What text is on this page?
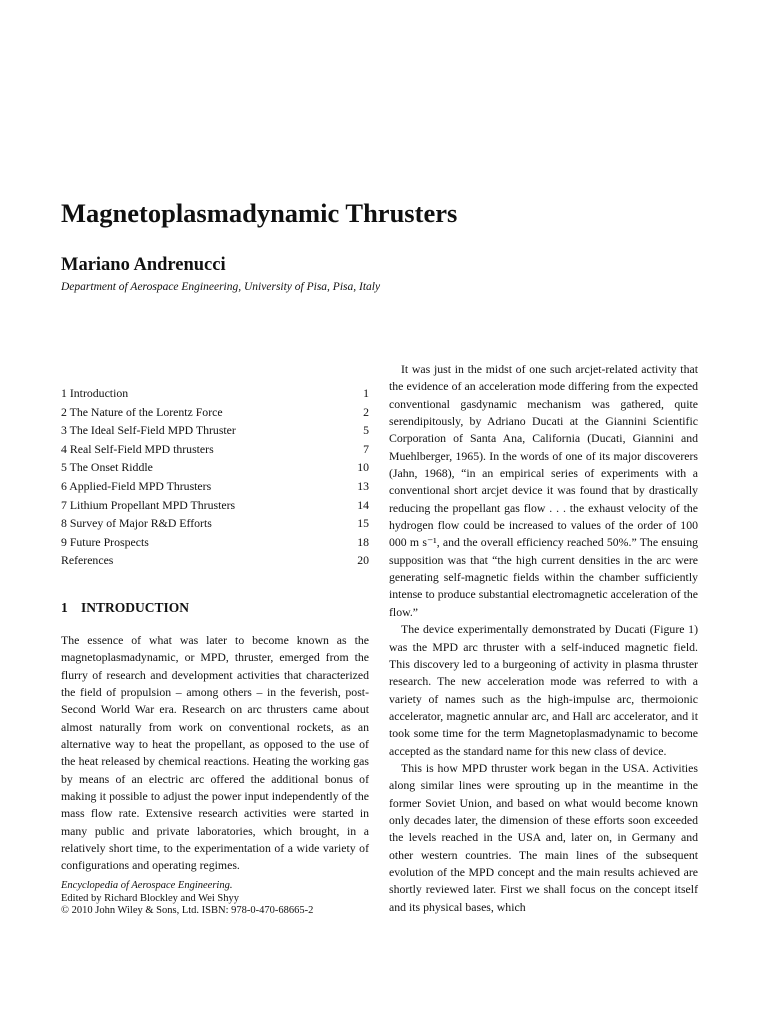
Magnetoplasmadynamic Thrusters
Mariano Andrenucci
Department of Aerospace Engineering, University of Pisa, Pisa, Italy
1 Introduction	1
2 The Nature of the Lorentz Force	2
3 The Ideal Self-Field MPD Thruster	5
4 Real Self-Field MPD thrusters	7
5 The Onset Riddle	10
6 Applied-Field MPD Thrusters	13
7 Lithium Propellant MPD Thrusters	14
8 Survey of Major R&D Efforts	15
9 Future Prospects	18
References	20
1 INTRODUCTION

The essence of what was later to become known as the magnetoplasmadynamic, or MPD, thruster, emerged from the flurry of research and development activities that characterized the field of propulsion – among others – in the feverish, post-Second World War era. Research on arc thrusters came about almost naturally from work on conventional rockets, as an alternative way to heat the propellant, as opposed to the use of the heat released by chemical reactions. Heating the working gas by means of an electric arc offered the additional bonus of making it possible to adjust the power input independently of the mass flow rate. Extensive research activities were started in many public and private laboratories, which brought, in a relatively short time, to the experimentation of a wide variety of configurations and operating regimes.

It was just in the midst of one such arcjet-related activity that the evidence of an acceleration mode differing from the expected conventional gasdynamic mechanism was gathered, quite serendipitously, by Adriano Ducati at the Giannini Scientific Corporation of Santa Ana, California (Ducati, Giannini and Muehlberger, 1965). In the words of one of its major discoverers (Jahn, 1968), “in an empirical series of experiments with a conventional short arcjet device it was found that by drastically reducing the propellant gas flow . . . the exhaust velocity of the hydrogen flow could be increased to values of the order of 100 000 m s⁻¹, and the overall efficiency reached 50%.” The ensuing supposition was that “the high current densities in the arc were generating self-magnetic fields within the chamber sufficiently intense to produce substantial electromagnetic acceleration of the flow.”

The device experimentally demonstrated by Ducati (Figure 1) was the MPD arc thruster with a self-induced magnetic field. This discovery led to a burgeoning of activity in plasma thruster research. The new acceleration mode was referred to with a variety of names such as the high-impulse arc, thermoionic accelerator, magnetic annular arc, and Hall arc accelerator, and it took some time for the term Magnetoplasmadynamic to become accepted as the standard name for this new class of device.

This is how MPD thruster work began in the USA. Activities along similar lines were sprouting up in the meantime in the former Soviet Union, and based on what would become known only decades later, the dimension of these efforts soon exceeded the levels reached in the USA and, later on, in Germany and other western countries. The main lines of the subsequent evolution of the MPD concept and the main results achieved are shortly reviewed later. First we shall focus on the concept itself and its physical bases, which

Encyclopedia of Aerospace Engineering.
Edited by Richard Blockley and Wei Shyy
© 2010 John Wiley & Sons, Ltd. ISBN: 978-0-470-68665-2
